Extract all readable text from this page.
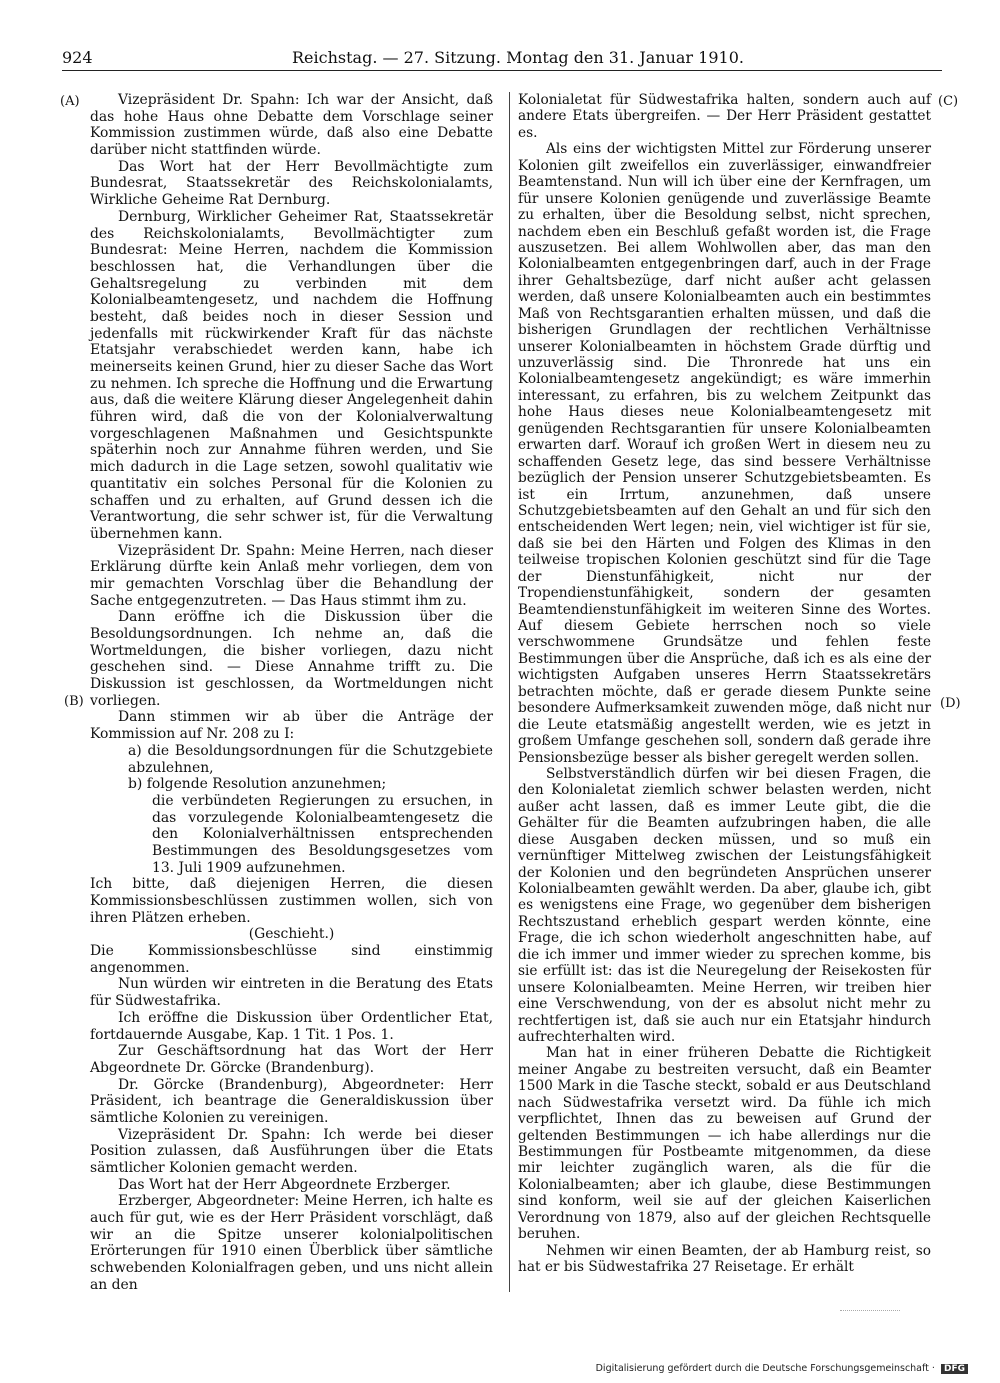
924	Reichstag. — 27. Sitzung. Montag den 31. Januar 1910.
(A)
(B)
(C)
(D)

Vizepräsident Dr. Spahn: Ich war der Ansicht, daß das hohe Haus ohne Debatte dem Vorschlage seiner Kommission zustimmen würde, daß also eine Debatte darüber nicht stattfinden würde.

Das Wort hat der Herr Bevollmächtigte zum Bundesrat, Staatssekretär des Reichskolonialamts, Wirkliche Geheime Rat Dernburg.

Dernburg, Wirklicher Geheimer Rat, Staatssekretär des Reichskolonialamts, Bevollmächtigter zum Bundesrat: Meine Herren, nachdem die Kommission beschlossen hat, die Verhandlungen über die Gehaltsregelung zu verbinden mit dem Kolonialbeamtengesetz, und nachdem die Hoffnung besteht, daß beides noch in dieser Session und jedenfalls mit rückwirkender Kraft für das nächste Etatsjahr verabschiedet werden kann, habe ich meinerseits keinen Grund, hier zu dieser Sache das Wort zu nehmen. Ich spreche die Hoffnung und die Erwartung aus, daß die weitere Klärung dieser Angelegenheit dahin führen wird, daß die von der Kolonialverwaltung vorgeschlagenen Maßnahmen und Gesichtspunkte späterhin noch zur Annahme führen werden, und Sie mich dadurch in die Lage setzen, sowohl qualitativ wie quantitativ ein solches Personal für die Kolonien zu schaffen und zu erhalten, auf Grund dessen ich die Verantwortung, die sehr schwer ist, für die Verwaltung übernehmen kann.

Vizepräsident Dr. Spahn: Meine Herren, nach dieser Erklärung dürfte kein Anlaß mehr vorliegen, dem von mir gemachten Vorschlag über die Behandlung der Sache entgegenzutreten. — Das Haus stimmt ihm zu.

Dann eröffne ich die Diskussion über die Besoldungsordnungen. Ich nehme an, daß die Wortmeldungen, die bisher vorliegen, dazu nicht geschehen sind. — Diese Annahme trifft zu. Die Diskussion ist geschlossen, da Wortmeldungen nicht vorliegen.

Dann stimmen wir ab über die Anträge der Kommission auf Nr. 208 zu I:

a) die Besoldungsordnungen für die Schutzgebiete abzulehnen,

b) folgende Resolution anzunehmen;

die verbündeten Regierungen zu ersuchen, in das vorzulegende Kolonialbeamtengesetz die den Kolonialverhältnissen entsprechenden Bestimmungen des Besoldungsgesetzes vom 13. Juli 1909 aufzunehmen.

Ich bitte, daß diejenigen Herren, die diesen Kommissionsbeschlüssen zustimmen wollen, sich von ihren Plätzen erheben.

(Geschieht.)

Die Kommissionsbeschlüsse sind einstimmig angenommen.

Nun würden wir eintreten in die Beratung des Etats für Südwestafrika.

Ich eröffne die Diskussion über Ordentlicher Etat, fortdauernde Ausgabe, Kap. 1 Tit. 1 Pos. 1.

Zur Geschäftsordnung hat das Wort der Herr Abgeordnete Dr. Görcke (Brandenburg).

Dr. Görcke (Brandenburg), Abgeordneter: Herr Präsident, ich beantrage die Generaldiskussion über sämtliche Kolonien zu vereinigen.

Vizepräsident Dr. Spahn: Ich werde bei dieser Position zulassen, daß Ausführungen über die Etats sämtlicher Kolonien gemacht werden.

Das Wort hat der Herr Abgeordnete Erzberger.

Erzberger, Abgeordneter: Meine Herren, ich halte es auch für gut, wie es der Herr Präsident vorschlägt, daß wir an die Spitze unserer kolonialpolitischen Erörterungen für 1910 einen Überblick über sämtliche schwebenden Kolonialfragen geben, und uns nicht allein an den

Kolonialetat für Südwestafrika halten, sondern auch auf andere Etats übergreifen. — Der Herr Präsident gestattet es.

Als eins der wichtigsten Mittel zur Förderung unserer Kolonien gilt zweifellos ein zuverlässiger, einwandfreier Beamtenstand. Nun will ich über eine der Kernfragen, um für unsere Kolonien genügende und zuverlässige Beamte zu erhalten, über die Besoldung selbst, nicht sprechen, nachdem eben ein Beschluß gefaßt worden ist, die Frage auszusetzen. Bei allem Wohlwollen aber, das man den Kolonialbeamten entgegenbringen darf, auch in der Frage ihrer Gehaltsbezüge, darf nicht außer acht gelassen werden, daß unsere Kolonialbeamten auch ein bestimmtes Maß von Rechtsgarantien erhalten müssen, und daß die bisherigen Grundlagen der rechtlichen Verhältnisse unserer Kolonialbeamten in höchstem Grade dürftig und unzuverlässig sind. Die Thronrede hat uns ein Kolonialbeamtengesetz angekündigt; es wäre immerhin interessant, zu erfahren, bis zu welchem Zeitpunkt das hohe Haus dieses neue Kolonialbeamtengesetz mit genügenden Rechtsgarantien für unsere Kolonialbeamten erwarten darf. Worauf ich großen Wert in diesem neu zu schaffenden Gesetz lege, das sind bessere Verhältnisse bezüglich der Pension unserer Schutzgebietsbeamten. Es ist ein Irrtum, anzunehmen, daß unsere Schutzgebietsbeamten auf den Gehalt an und für sich den entscheidenden Wert legen; nein, viel wichtiger ist für sie, daß sie bei den Härten und Folgen des Klimas in den teilweise tropischen Kolonien geschützt sind für die Tage der Dienstunfähigkeit, nicht nur der Tropendienstunfähigkeit, sondern der gesamten Beamtendienstunfähigkeit im weiteren Sinne des Wortes. Auf diesem Gebiete herrschen noch so viele verschwommene Grundsätze und fehlen feste Bestimmungen über die Ansprüche, daß ich es als eine der wichtigsten Aufgaben unseres Herrn Staatssekretärs betrachten möchte, daß er gerade diesem Punkte seine besondere Aufmerksamkeit zuwenden möge, daß nicht nur die Leute etatsmäßig angestellt werden, wie es jetzt in großem Umfange geschehen soll, sondern daß gerade ihre Pensionsbezüge besser als bisher geregelt werden sollen.

Selbstverständlich dürfen wir bei diesen Fragen, die den Kolonialetat ziemlich schwer belasten werden, nicht außer acht lassen, daß es immer Leute gibt, die die Gehälter für die Beamten aufzubringen haben, die alle diese Ausgaben decken müssen, und so muß ein vernünftiger Mittelweg zwischen der Leistungsfähigkeit der Kolonien und den begründeten Ansprüchen unserer Kolonialbeamten gewählt werden. Da aber, glaube ich, gibt es wenigstens eine Frage, wo gegenüber dem bisherigen Rechtszustand erheblich gespart werden könnte, eine Frage, die ich schon wiederholt angeschnitten habe, auf die ich immer und immer wieder zu sprechen komme, bis sie erfüllt ist: das ist die Neuregelung der Reisekosten für unsere Kolonialbeamten. Meine Herren, wir treiben hier eine Verschwendung, von der es absolut nicht mehr zu rechtfertigen ist, daß sie auch nur ein Etatsjahr hindurch aufrechterhalten wird.

Man hat in einer früheren Debatte die Richtigkeit meiner Angabe zu bestreiten versucht, daß ein Beamter 1500 Mark in die Tasche steckt, sobald er aus Deutschland nach Südwestafrika versetzt wird. Da fühle ich mich verpflichtet, Ihnen das zu beweisen auf Grund der geltenden Bestimmungen — ich habe allerdings nur die Bestimmungen für Postbeamte mitgenommen, da diese mir leichter zugänglich waren, als die für die Kolonialbeamten; aber ich glaube, diese Bestimmungen sind konform, weil sie auf der gleichen Kaiserlichen Verordnung von 1879, also auf der gleichen Rechtsquelle beruhen.

Nehmen wir einen Beamten, der ab Hamburg reist, so hat er bis Südwestafrika 27 Reisetage. Er erhält

Digitalisierung gefördert durch die Deutsche Forschungsgemeinschaft · DFG
